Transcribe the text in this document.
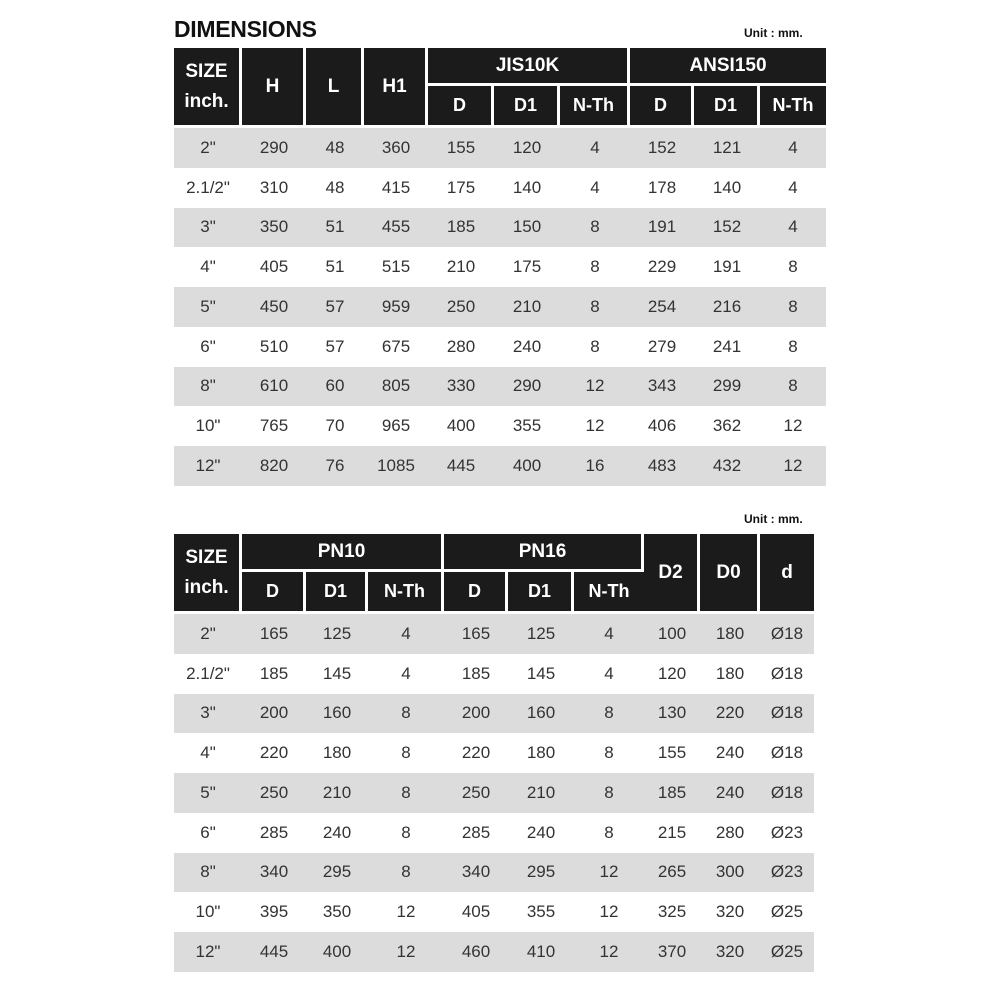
DIMENSIONS	Unit : mm.
SIZE
inch.	H	L	H1	JIS10K			ANSI150		
				D	D1	N-Th	D	D1	N-Th
2"	290	48	360	155	120	4	152	121	4
2.1/2"	310	48	415	175	140	4	178	140	4
3"	350	51	455	185	150	8	191	152	4
4"	405	51	515	210	175	8	229	191	8
5"	450	57	959	250	210	8	254	216	8
6"	510	57	675	280	240	8	279	241	8
8"	610	60	805	330	290	12	343	299	8
10"	765	70	965	400	355	12	406	362	12
12"	820	76	1085	445	400	16	483	432	12
Unit : mm.
SIZE
inch.	PN10			PN16			D2	D0	d
	D	D1	N-Th	D	D1	N-Th			
2"	165	125	4	165	125	4	100	180	Ø18
2.1/2"	185	145	4	185	145	4	120	180	Ø18
3"	200	160	8	200	160	8	130	220	Ø18
4"	220	180	8	220	180	8	155	240	Ø18
5"	250	210	8	250	210	8	185	240	Ø18
6"	285	240	8	285	240	8	215	280	Ø23
8"	340	295	8	340	295	12	265	300	Ø23
10"	395	350	12	405	355	12	325	320	Ø25
12"	445	400	12	460	410	12	370	320	Ø25
